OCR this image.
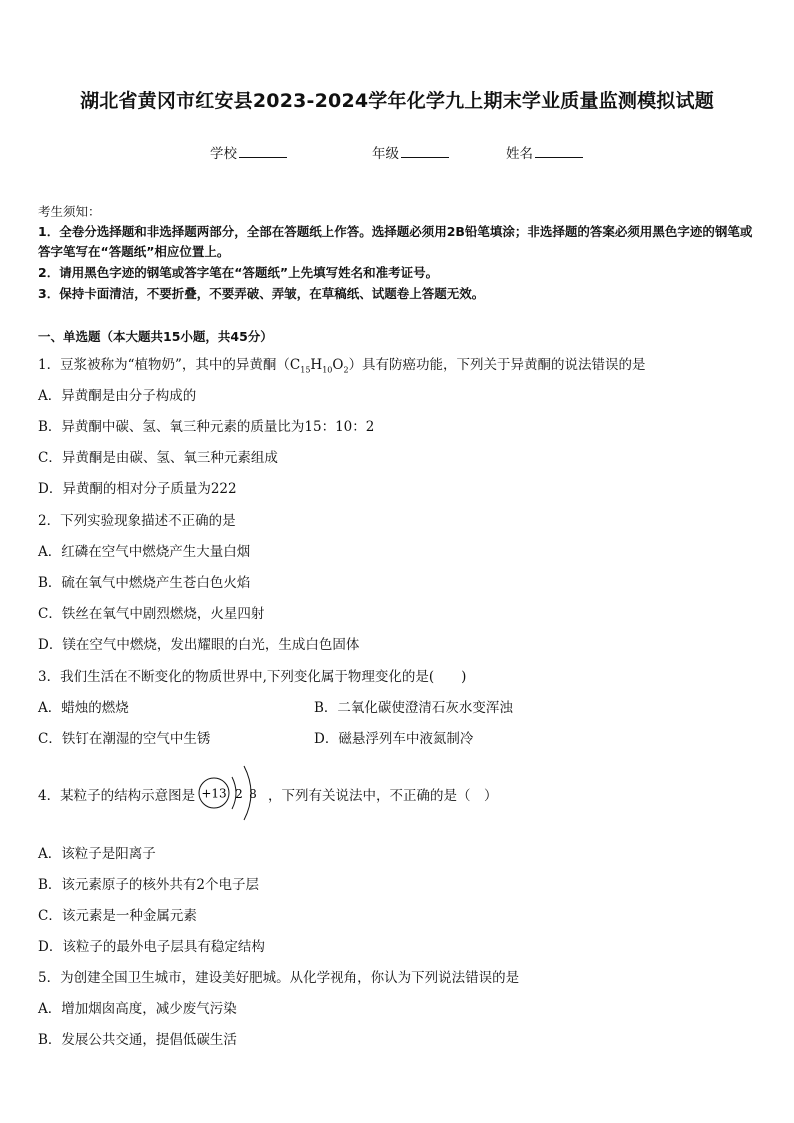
湖北省黄冈市红安县2023-2024学年化学九上期末学业质量监测模拟试题
学校	年级	姓名
考生须知：
1．全卷分选择题和非选择题两部分，全部在答题纸上作答。选择题必须用2B铅笔填涂；非选择题的答案必须用黑色字迹的钢笔或答字笔写在“答题纸”相应位置上。
2．请用黑色字迹的钢笔或答字笔在“答题纸”上先填写姓名和准考证号。
3．保持卡面清洁，不要折叠，不要弄破、弄皱，在草稿纸、试题卷上答题无效。
一、单选题（本大题共15小题，共45分）
1．豆浆被称为“植物奶”，其中的异黄酮$(C_{15}H_{10}O_2)$具有防癌功能，下列关于异黄酮的说法错误的是
A．异黄酮是由分子构成的
B．异黄酮中碳、氢、氧三种元素的质量比为15：10：2
C．异黄酮是由碳、氢、氧三种元素组成
D．异黄酮的相对分子质量为222
2．下列实验现象描述不正确的是
A．红磷在空气中燃烧产生大量白烟
B．硫在氧气中燃烧产生苍白色火焰
C．铁丝在氧气中剧烈燃烧，火星四射
D．镁在空气中燃烧，发出耀眼的白光，生成白色固体
3．我们生活在不断变化的物质世界中,下列变化属于物理变化的是(　　)
A．蜡烛的燃烧	B．二氧化碳使澄清石灰水变浑浊
C．铁钉在潮湿的空气中生锈	D．磁悬浮列车中液氮制冷
4．某粒子的结构示意图是 +13 2 8 ，下列有关说法中，不正确的是（　）
A．该粒子是阳离子
B．该元素原子的核外共有2个电子层
C．该元素是一种金属元素
D．该粒子的最外电子层具有稳定结构
5．为创建全国卫生城市，建设美好肥城。从化学视角，你认为下列说法错误的是
A．增加烟囱高度，减少废气污染
B．发展公共交通，提倡低碳生活
